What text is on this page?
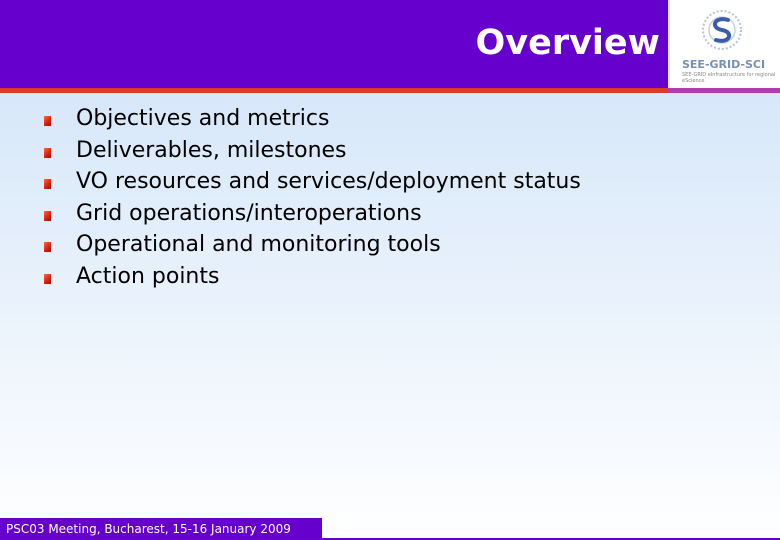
Overview
SEE-GRID-SCI
SEE-GRID eInfrastructure for regional eScience
Objectives and metrics
Deliverables, milestones
VO resources and services/deployment status
Grid operations/interoperations
Operational and monitoring tools
Action points
PSC03 Meeting, Bucharest, 15-16 January 2009
